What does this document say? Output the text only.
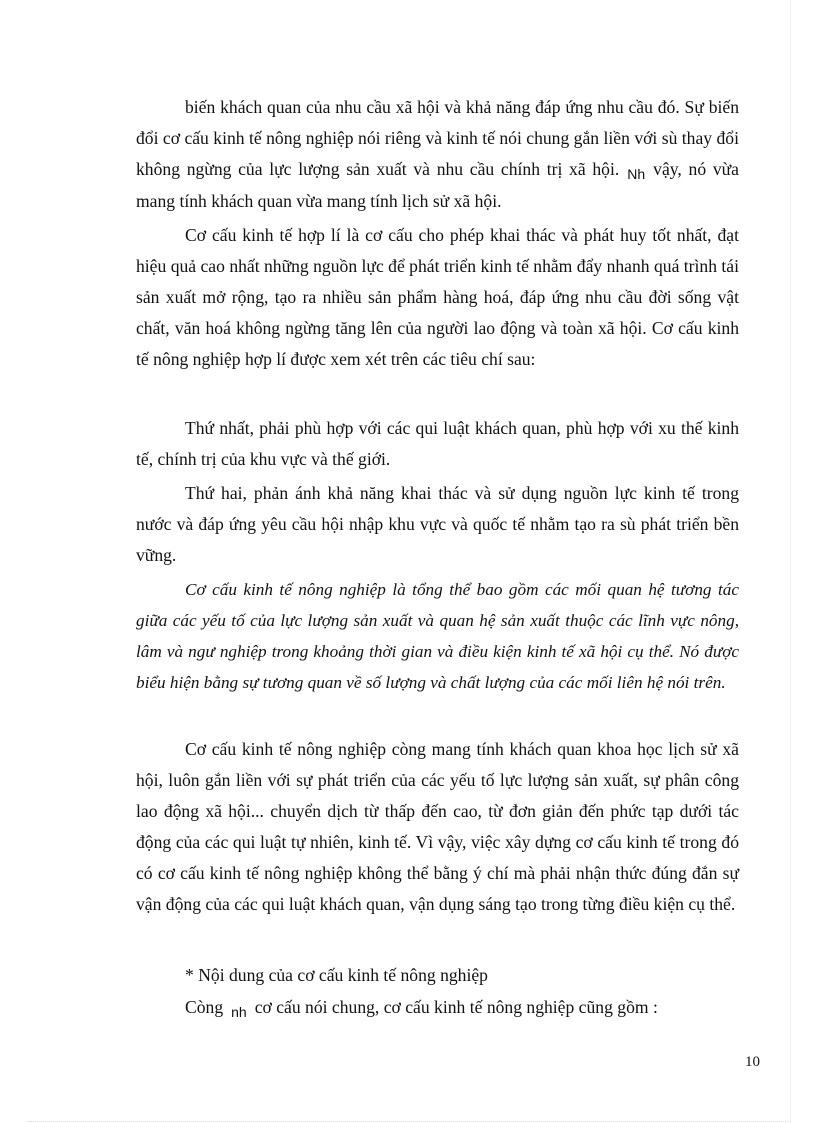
biến khách quan của nhu cầu xã hội và khả năng đáp ứng nhu cầu đó. Sự biến đổi cơ cấu kinh tế nông nghiệp nói riêng và kinh tế nói chung gắn liền với sù thay đổi không ngừng của lực lượng sản xuất và nhu cầu chính trị xã hội. $_{Nh}$ vậy, nó vừa mang tính khách quan vừa mang tính lịch sử xã hội.

Cơ cấu kinh tế hợp lí là cơ cấu cho phép khai thác và phát huy tốt nhất, đạt hiệu quả cao nhất những nguồn lực để phát triển kinh tế nhằm đẩy nhanh quá trình tái sản xuất mở rộng, tạo ra nhiều sản phẩm hàng hoá, đáp ứng nhu cầu đời sống vật chất, văn hoá không ngừng tăng lên của người lao động và toàn xã hội. Cơ cấu kinh tế nông nghiệp hợp lí được xem xét trên các tiêu chí sau:

Thứ nhất, phải phù hợp với các qui luật khách quan, phù hợp với xu thế kinh tế, chính trị của khu vực và thế giới.

Thứ hai, phản ánh khả năng khai thác và sử dụng nguồn lực kinh tế trong nước và đáp ứng yêu cầu hội nhập khu vực và quốc tế nhằm tạo ra sù phát triển bền vững.

Cơ cấu kinh tế nông nghiệp là tổng thể bao gồm các mối quan hệ tương tác giữa các yếu tố của lực lượng sản xuất và quan hệ sản xuất thuộc các lĩnh vực nông, lâm và ngư nghiệp trong khoảng thời gian và điều kiện kinh tế xã hội cụ thể. Nó được biểu hiện bằng sự tương quan về số lượng và chất lượng của các mối liên hệ nói trên.

Cơ cấu kinh tế nông nghiệp còng mang tính khách quan khoa học lịch sử xã hội, luôn gắn liền với sự phát triển của các yếu tố lực lượng sản xuất, sự phân công lao động xã hội... chuyển dịch từ thấp đến cao, từ đơn giản đến phức tạp dưới tác động của các qui luật tự nhiên, kinh tế. Vì vậy, việc xây dựng cơ cấu kinh tế trong đó có cơ cấu kinh tế nông nghiệp không thể bằng ý chí mà phải nhận thức đúng đắn sự vận động của các qui luật khách quan, vận dụng sáng tạo trong từng điều kiện cụ thể.

* Nội dung của cơ cấu kinh tế nông nghiệp

Còng $_{nh}$ cơ cấu nói chung, cơ cấu kinh tế nông nghiệp cũng gồm :

10
